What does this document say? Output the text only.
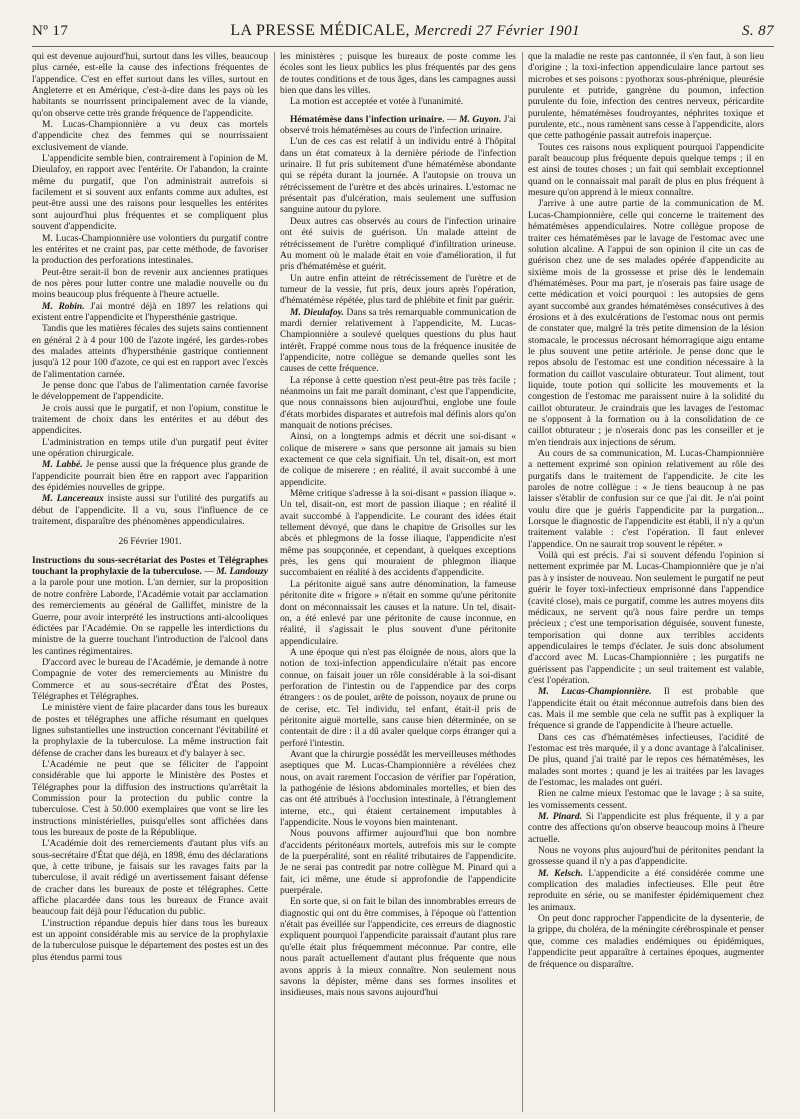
Nº 17	LA PRESSE MÉDICALE, Mercredi 27 Février 1901	S. 87

qui est devenue aujourd'hui, surtout dans les villes, beaucoup plus carnée, est-elle la cause des infections fréquentes de l'appendice. C'est en effet surtout dans les villes, surtout en Angleterre et en Amérique, c'est-à-dire dans les pays où les habitants se nourrissent principalement avec de la viande, qu'on observe cette très grande fréquence de l'appendicite.

M. Lucas-Championnière a vu deux cas mortels d'appendicite chez des femmes qui se nourrissaient exclusivement de viande.

L'appendicite semble bien, contrairement à l'opinion de M. Dieulafoy, en rapport avec l'entérite. Or l'abandon, la crainte même du purgatif, que l'on administrait autrefois si facilement et si souvent aux enfants comme aux adultes, est peut-être aussi une des raisons pour lesquelles les entérites sont aujourd'hui plus fréquentes et se compliquent plus souvent d'appendicite.

M. Lucas-Championnière use volontiers du purgatif contre les entérites et ne craint pas, par cette méthode, de favoriser la production des perforations intestinales.

Peut-être serait-il bon de revenir aux anciennes pratiques de nos pères pour lutter contre une maladie nouvelle ou du moins beaucoup plus fréquente à l'heure actuelle.

M. Robin. J'ai montré déjà en 1897 les relations qui existent entre l'appendicite et l'hypersthénie gastrique.

Tandis que les matières fécales des sujets sains contiennent en général 2 à 4 pour 100 de l'azote ingéré, les gardes-robes des malades atteints d'hypersthénie gastrique contiennent jusqu'à 12 pour 100 d'azote, ce qui est en rapport avec l'excès de l'alimentation carnée.

Je pense donc que l'abus de l'alimentation carnée favorise le développement de l'appendicite.

Je crois aussi que le purgatif, et non l'opium, constitue le traitement de choix dans les entérites et au début des appendicites.

L'administration en temps utile d'un purgatif peut éviter une opération chirurgicale.

M. Labbé. Je pense aussi que la fréquence plus grande de l'appendicite pourrait bien être en rapport avec l'apparition des épidémies nouvelles de grippe.

M. Lancereaux insiste aussi sur l'utilité des purgatifs au début de l'appendicite. Il a vu, sous l'influence de ce traitement, disparaître des phénomènes appendiculaires.

26 Février 1901.

Instructions du sous-secrétariat des Postes et Télégraphes touchant la prophylaxie de la tuberculose. — M. Landouzy a la parole pour une motion. L'an dernier, sur la proposition de notre confrère Laborde, l'Académie votait par acclamation des remerciements au général de Galliffet, ministre de la Guerre, pour avoir interprété les instructions anti-alcooliques édictées par l'Académie. On se rappelle les interdictions du ministre de la guerre touchant l'introduction de l'alcool dans les cantines régimentaires.

D'accord avec le bureau de l'Académie, je demande à notre Compagnie de voter des remerciements au Ministre du Commerce et au sous-secrétaire d'État des Postes, Télégraphes et Télégraphes.

Le ministère vient de faire placarder dans tous les bureaux de postes et télégraphes une affiche résumant en quelques lignes substantielles une instruction concernant l'évitabilité et la prophylaxie de la tuberculose. La même instruction fait défense de cracher dans les bureaux et d'y balayer à sec.

L'Académie ne peut que se féliciter de l'appoint considérable que lui apporte le Ministère des Postes et Télégraphes pour la diffusion des instructions qu'arrêtait la Commission pour la protection du public contre la tuberculose. C'est à 50.000 exemplaires que vont se lire les instructions ministérielles, puisqu'elles sont affichées dans tous les bureaux de poste de la République.

L'Académie doit des remerciements d'autant plus vifs au sous-secrétaire d'État que déjà, en 1898, ému des déclarations que, à cette tribune, je faisais sur les ravages faits par la tuberculose, il avait rédigé un avertissement faisant défense de cracher dans les bureaux de poste et télégraphes. Cette affiche placardée dans tous les bureaux de France avait beaucoup fait déjà pour l'éducation du public.

L'instruction répandue depuis hier dans tous les bureaux est un appoint considérable mis au service de la prophylaxie de la tuberculose puisque le département des postes est un des plus étendus parmi tous

les ministères ; puisque les bureaux de poste comme les écoles sont les lieux publics les plus fréquentés par des gens de toutes conditions et de tous âges, dans les campagnes aussi bien que dans les villes.

La motion est acceptée et votée à l'unanimité.

Hématémèse dans l'infection urinaire. — M. Guyon. J'ai observé trois hématémèses au cours de l'infection urinaire.

L'un de ces cas est relatif à un individu entré à l'hôpital dans un état comateux à la dernière période de l'infection urinaire. Il fut pris subitement d'une hématémèse abondante qui se répéta durant la journée. A l'autopsie on trouva un rétrécissement de l'urètre et des abcès urinaires. L'estomac ne présentait pas d'ulcération, mais seulement une suffusion sanguine autour du pylore.

Deux autres cas observés au cours de l'infection urinaire ont été suivis de guérison. Un malade atteint de rétrécissement de l'urètre compliqué d'infiltration urineuse. Au moment où le malade était en voie d'amélioration, il fut pris d'hématémèse et guérit.

Un autre enfin atteint de rétrécissement de l'urètre et de tumeur de la vessie, fut pris, deux jours après l'opération, d'hématémèse répétée, plus tard de phlébite et finit par guérir.

M. Dieulafoy. Dans sa très remarquable communication de mardi dernier relativement à l'appendicite, M. Lucas-Championnière a soulevé quelques questions du plus haut intérêt. Frappé comme nous tous de la fréquence inusitée de l'appendicite, notre collègue se demande quelles sont les causes de cette fréquence.

La réponse à cette question n'est peut-être pas très facile ; néanmoins un fait me paraît dominant, c'est que l'appendicite, que nous connaissons bien aujourd'hui, englobe une foule d'états morbides disparates et autrefois mal définis alors qu'on manquait de notions précises.

Ainsi, on a longtemps admis et décrit une soi-disant « colique de miserere » sans que personne ait jamais su bien exactement ce que cela signifiait. Un tel, disait-on, est mort de colique de miserere ; en réalité, il avait succombé à une appendicite.

Même critique s'adresse à la soi-disant « passion iliaque ». Un tel, disait-on, est mort de passion iliaque ; en réalité il avait succombé à l'appendicite. Le courant des idées était tellement dévoyé, que dans le chapitre de Grisolles sur les abcès et phlegmons de la fosse iliaque, l'appendicite n'est même pas soupçonnée, et cependant, à quelques exceptions près, les gens qui mouraient de phlegmon iliaque succombaient en réalité à des accidents d'appendicite.

La péritonite aiguë sans autre dénomination, la fameuse péritonite dite « frigore » n'était en somme qu'une péritonite dont on méconnaissait les causes et la nature. Un tel, disait-on, a été enlevé par une péritonite de cause inconnue, en réalité, il s'agissait le plus souvent d'une péritonite appendiculaire.

A une époque qui n'est pas éloignée de nous, alors que la notion de toxi-infection appendiculaire n'était pas encore connue, on faisait jouer un rôle considérable à la soi-disant perforation de l'intestin ou de l'appendice par des corps étrangers : os de poulet, arête de poisson, noyaux de prune ou de cerise, etc. Tel individu, tel enfant, était-il pris de péritonite aiguë mortelle, sans cause bien déterminée, on se contentait de dire : il a dû avaler quelque corps étranger qui a perforé l'intestin.

Avant que la chirurgie possédât les merveilleuses méthodes aseptiques que M. Lucas-Championnière a révélées chez nous, on avait rarement l'occasion de vérifier par l'opération, la pathogénie de lésions abdominales mortelles, et bien des cas ont été attribués à l'occlusion intestinale, à l'étranglement interne, etc., qui étaient certainement imputables à l'appendicite. Nous le voyons bien maintenant.

Nous pouvons affirmer aujourd'hui que bon nombre d'accidents péritonéaux mortels, autrefois mis sur le compte de la puerpéralité, sont en réalité tributaires de l'appendicite. Je ne serai pas contredit par notre collègue M. Pinard qui a fait, ici même, une étude si approfondie de l'appendicite puerpérale.

En sorte que, si on fait le bilan des innombrables erreurs de diagnostic qui ont du être commises, à l'époque où l'attention n'était pas éveillée sur l'appendicite, ces erreurs de diagnostic expliquent pourquoi l'appendicite paraissait d'autant plus rare qu'elle était plus fréquemment méconnue. Par contre, elle nous paraît actuellement d'autant plus fréquente que nous avons appris à la mieux connaître. Non seulement nous savons la dépister, même dans ses formes insolites et insidieuses, mais nous savons aujourd'hui

que la maladie ne reste pas cantonnée, il s'en faut, à son lieu d'origine ; la toxi-infection appendiculaire lance partout ses microbes et ses poisons : pyothorax sous-phrénique, pleurésie purulente et putride, gangrène du poumon, infection purulente du foie, infection des centres nerveux, péricardite purulente, hématémèses foudroyantes, néphrites toxique et purulente, etc., nous ramènent sans cesse à l'appendicite, alors que cette pathogénie passait autrefois inaperçue.

Toutes ces raisons nous expliquent pourquoi l'appendicite paraît beaucoup plus fréquente depuis quelque temps ; il en est ainsi de toutes choses ; un fait qui semblait exceptionnel quand on le connaissait mal paraît de plus en plus fréquent à mesure qu'on apprend à le mieux connaître.

J'arrive à une autre partie de la communication de M. Lucas-Championnière, celle qui concerne le traitement des hématémèses appendiculaires. Notre collègue propose de traiter ces hématémèses par le lavage de l'estomac avec une solution alcaline. A l'appui de son opinion il cite un cas de guérison chez une de ses malades opérée d'appendicite au sixième mois de la grossesse et prise dès le lendemain d'hématémèses. Pour ma part, je n'oserais pas faire usage de cette médication et voici pourquoi : les autopsies de gens ayant succombé aux grandes hématémèses consécutives à des érosions et à des exulcérations de l'estomac nous ont permis de constater que, malgré la très petite dimension de la lésion stomacale, le processus nécrosant hémorragique aigu entame le plus souvent une petite artériole. Je pense donc que le repos absolu de l'estomac est une condition nécessaire à la formation du caillot vasculaire obturateur. Tout aliment, tout liquide, toute potion qui sollicite les mouvements et la congestion de l'estomac me paraissent nuire à la solidité du caillot obturateur. Je craindrais que les lavages de l'estomac ne s'opposent à la formation ou à la consolidation de ce caillot obturateur ; je n'oserais donc pas les conseiller et je m'en tiendrais aux injections de sérum.

Au cours de sa communication, M. Lucas-Championnière a nettement exprimé son opinion relativement au rôle des purgatifs dans le traitement de l'appendicite. Je cite les paroles de notre collègue : « Je tiens beaucoup à ne pas laisser s'établir de confusion sur ce que j'ai dit. Je n'ai point voulu dire que je guéris l'appendicite par la purgation... Lorsque le diagnostic de l'appendicite est établi, il n'y a qu'un traitement valable : c'est l'opération. Il faut enlever l'appendice. On ne saurait trop souvent le répéter. »

Voilà qui est précis. J'ai si souvent défendu l'opinion si nettement exprimée par M. Lucas-Championnière que je n'ai pas à y insister de nouveau. Non seulement le purgatif ne peut guérir le foyer toxi-infectieux emprisonné dans l'appendice (cavité close), mais ce purgatif, comme les autres moyens dits médicaux, ne servent qu'à nous faire perdre un temps précieux ; c'est une temporisation déguisée, souvent funeste, temporisation qui donne aux terribles accidents appendiculaires le temps d'éclater. Je suis donc absolument d'accord avec M. Lucas-Championnière ; les purgatifs ne guérissent pas l'appendicite ; un seul traitement est valable, c'est l'opération.

M. Lucas-Championnière. Il est probable que l'appendicite était ou était méconnue autrefois dans bien des cas. Mais il me semble que cela ne suffit pas à expliquer la fréquence si grande de l'appendicite à l'heure actuelle.

Dans ces cas d'hématémèses infectieuses, l'acidité de l'estomac est très marquée, il y a donc avantage à l'alcaliniser. De plus, quand j'ai traité par le repos ces hématémèses, les malades sont mortes ; quand je les ai traitées par les lavages de l'estomac, les malades ont guéri.

Rien ne calme mieux l'estomac que le lavage ; à sa suite, les vomissements cessent.

M. Pinard. Si l'appendicite est plus fréquente, il y a par contre des affections qu'on observe beaucoup moins à l'heure actuelle.

Nous ne voyons plus aujourd'hui de péritonites pendant la grossesse quand il n'y a pas d'appendicite.

M. Kelsch. L'appendicite a été considérée comme une complication des maladies infectieuses. Elle peut être reproduite en série, ou se manifester épidémiquement chez les animaux.

On peut donc rapprocher l'appendicite de la dysenterie, de la grippe, du choléra, de la méningite cérébrospinale et penser que, comme ces maladies endémiques ou épidémiques, l'appendicite peut apparaître à certaines époques, augmenter de fréquence ou disparaître.
